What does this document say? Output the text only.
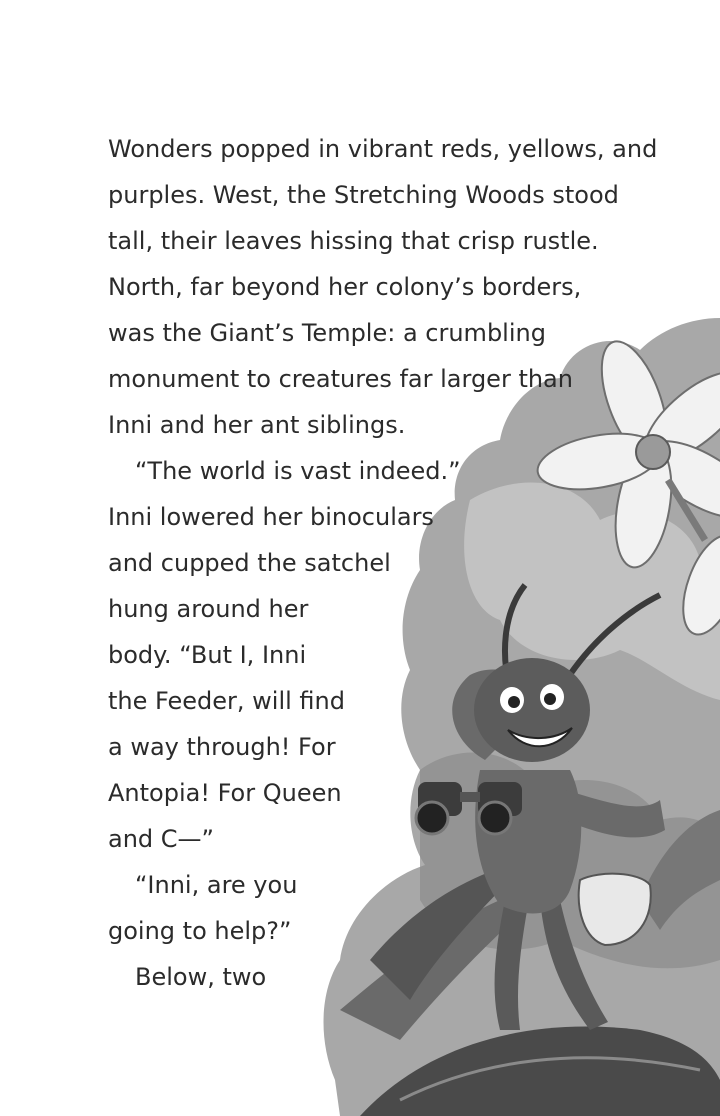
Wonders popped in vibrant reds, yellows, and
purples. West, the Stretching Woods stood
tall, their leaves hissing that crisp rustle.
North, far beyond her colony’s borders,
was the Giant’s Temple: a crumbling
monument to creatures far larger than
Inni and her ant siblings.
“The world is vast indeed.”
Inni lowered her binoculars
and cupped the satchel
hung around her
body. “But I, Inni
the Feeder, will find
a way through! For
Antopia! For Queen
and C—”
“Inni, are you
going to help?”
Below, two
